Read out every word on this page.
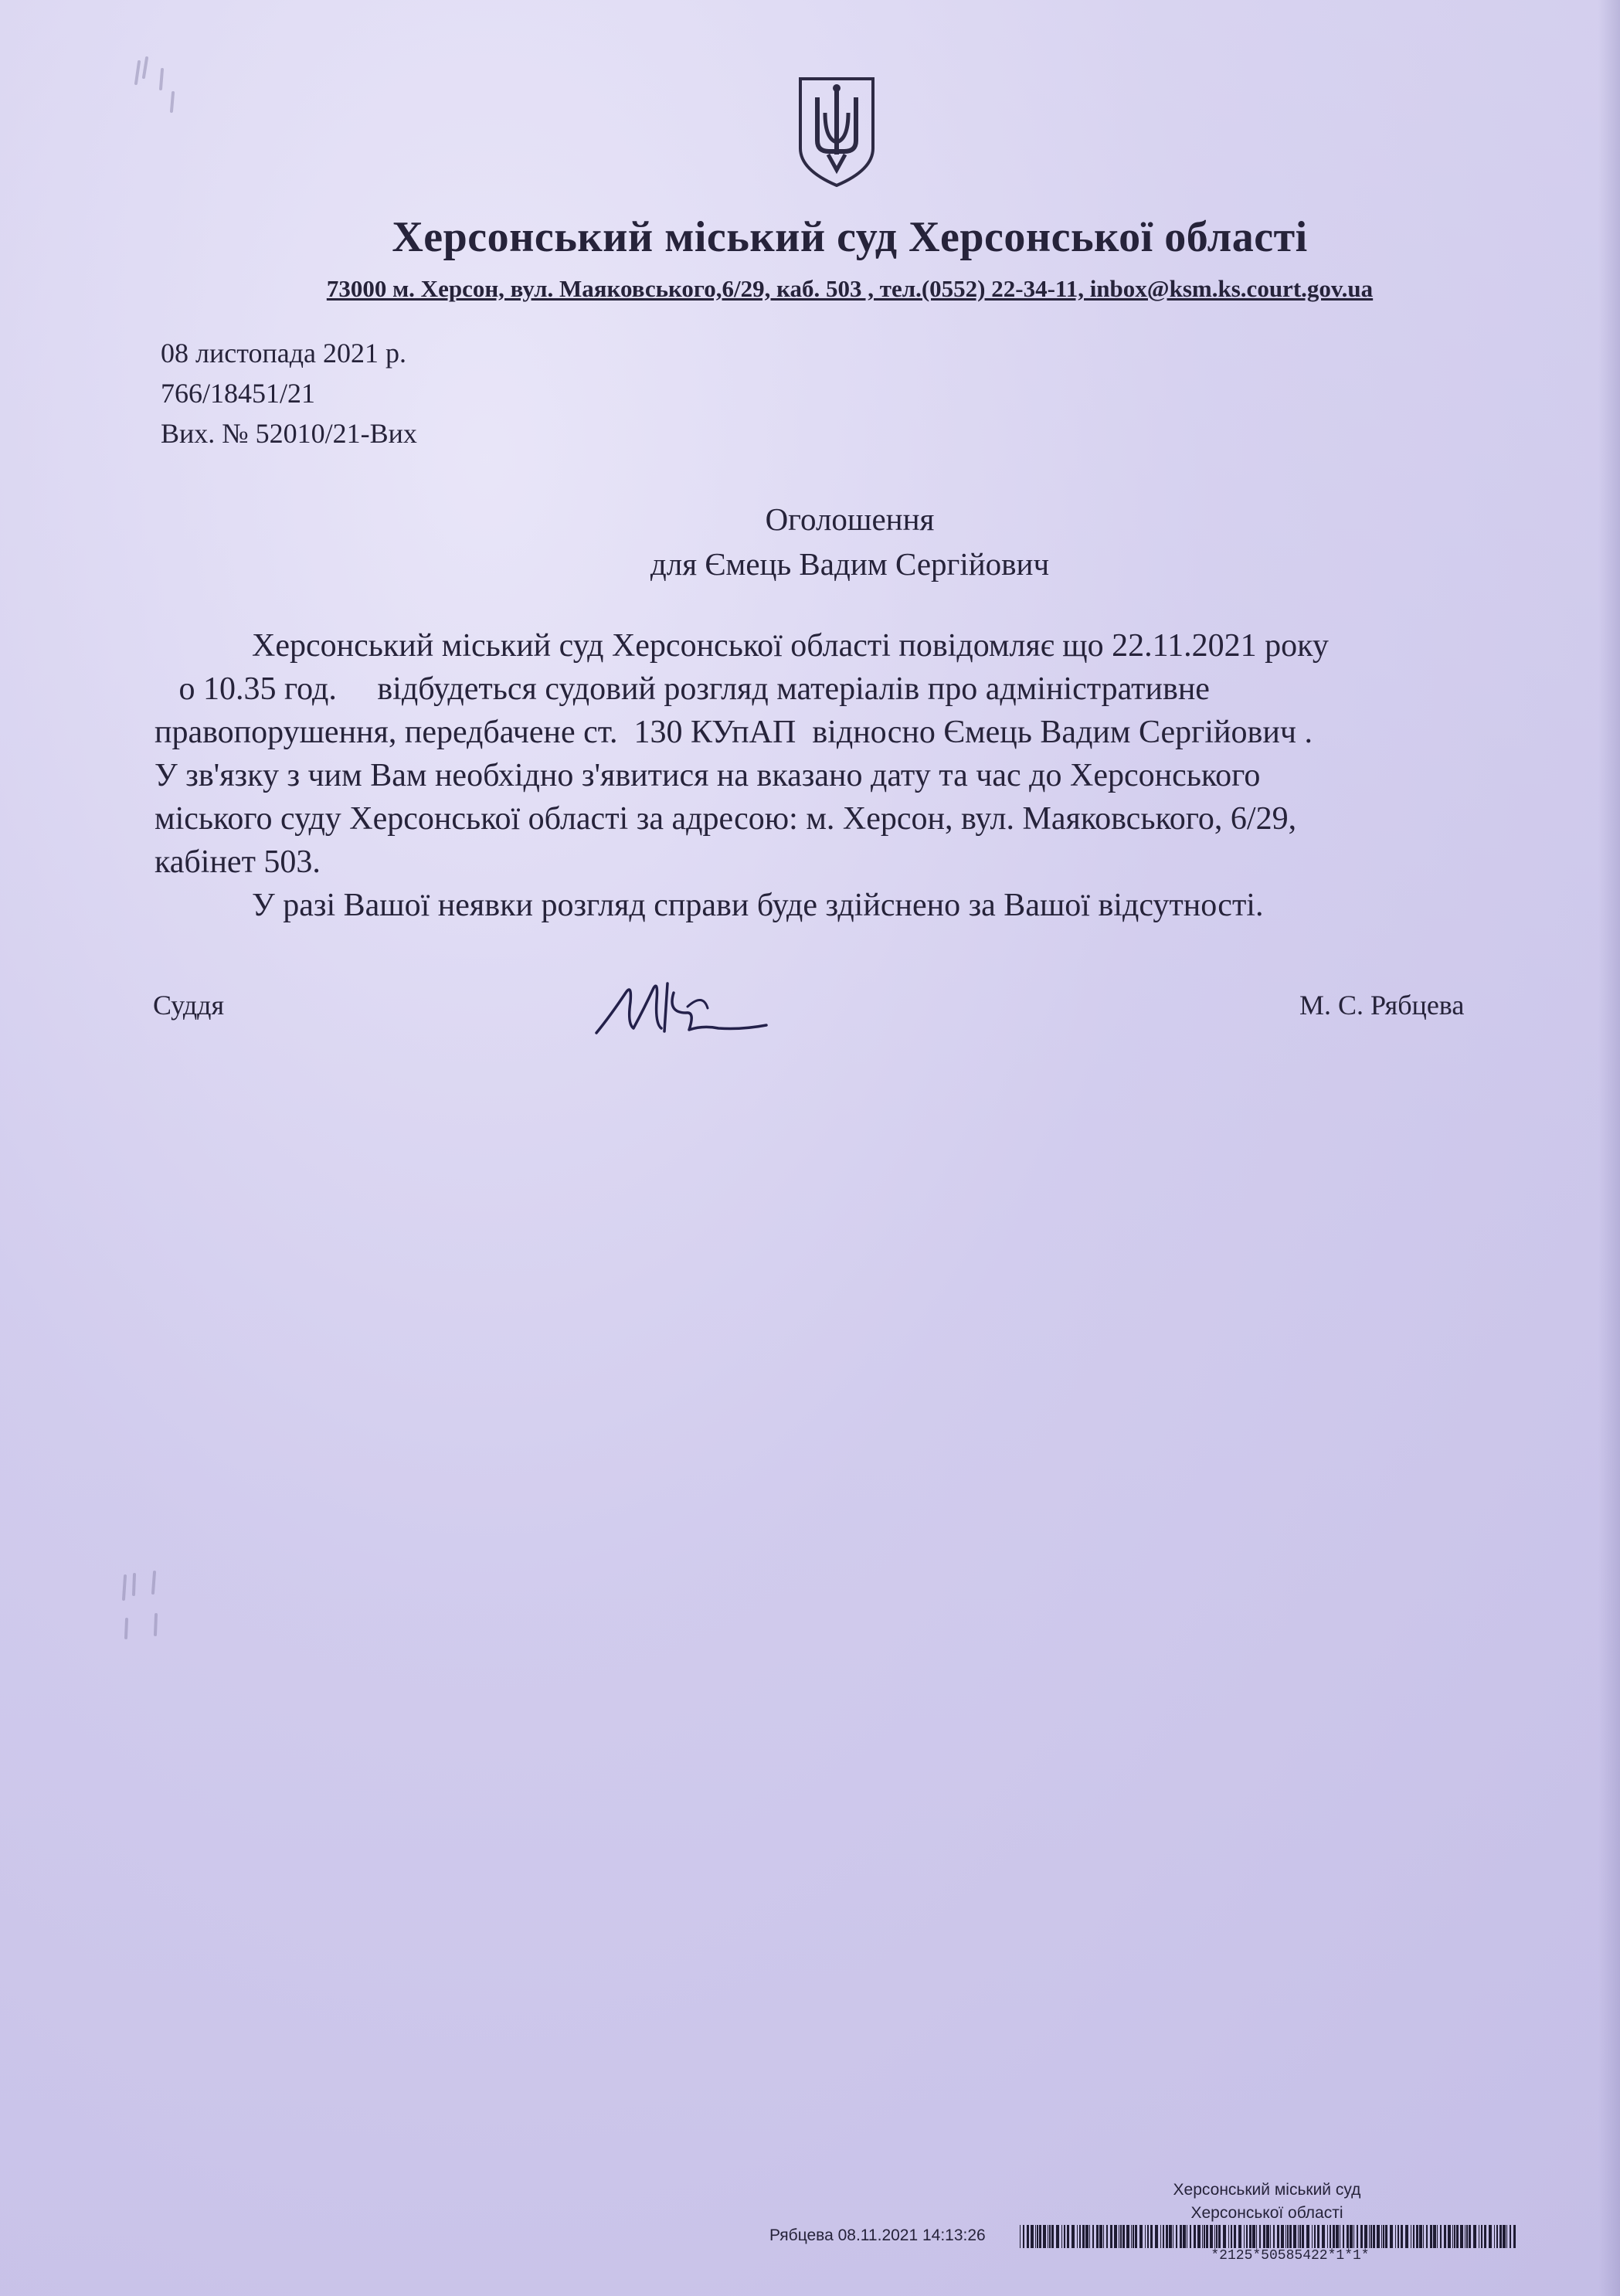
Херсонський міський суд Херсонської області
73000 м. Херсон, вул. Маяковського,6/29, каб. 503 , тел.(0552) 22-34-11, inbox@ksm.ks.court.gov.ua
08 листопада 2021 р.
766/18451/21
Вих. № 52010/21-Вих
Оголошення
для Ємець Вадим Сергійович
Херсонський міський суд Херсонської області повідомляє що 22.11.2021 року
о 10.35 год.     відбудеться судовий розгляд матеріалів про адміністративне
правопорушення, передбачене ст.  130 КУпАП  відносно Ємець Вадим Сергійович .
У зв'язку з чим Вам необхідно з'явитися на вказано дату та час до Херсонського
міського суду Херсонської області за адресою: м. Херсон, вул. Маяковського, 6/29,
кабінет 503.
У разі Вашої неявки розгляд справи буде здійснено за Вашої відсутності.
Суддя	М. С. Рябцева
Херсонський міський суд
Херсонської області
Рябцева 08.11.2021 14:13:26
*2125*50585422*1*1*
